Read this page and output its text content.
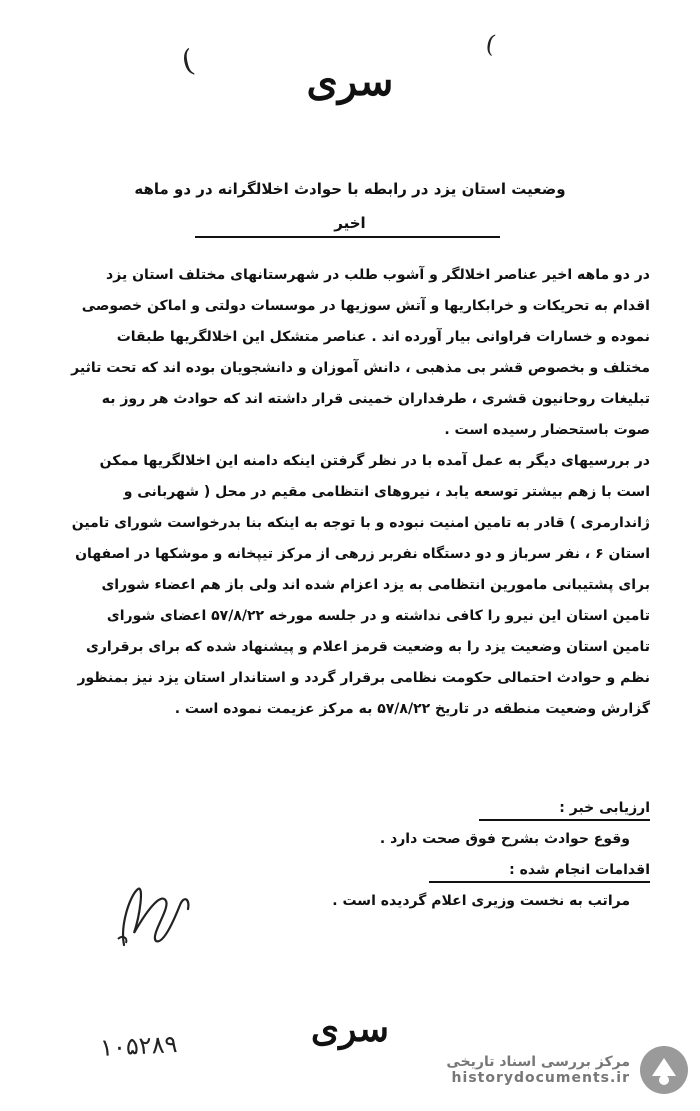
(	(
سری
وضعیت استان یزد در رابطه با حوادث اخلالگرانه در دو ماهه
اخیر

در دو ماهه اخیر عناصر اخلالگر و آشوب طلب در شهرستانهای مختلف استان یزد اقدام به تحریکات و خرابکاریها و آتش سوزیها در موسسات دولتی و اماکن خصوصی نموده و خسارات فراوانی بیار آورده اند . عناصر متشکل این اخلالگریها طبقات مختلف و بخصوص قشر بی مذهبی ، دانش آموزان و دانشجویان بوده اند که تحت تاثیر تبلیغات روحانیون قشری ، طرفداران خمینی قرار داشته اند که حوادث هر روز به صوت باستحضار رسیده است .

در بررسیهای دیگر به عمل آمده با در نظر گرفتن اینکه دامنه این اخلالگریها ممکن است با زهم بیشتر توسعه یابد ، نیروهای انتظامی مقیم در محل ( شهربانی و ژاندارمری ) قادر به تامین امنیت نبوده و با توجه به اینکه بنا بدرخواست شورای تامین استان ۶ ، نفر سرباز و دو دستگاه نفربر زرهی از مرکز تیپخانه و موشکها در اصفهان برای پشتیبانی مامورین انتظامی به یزد اعزام شده اند ولی باز هم اعضاء شورای تامین استان این نیرو را کافی نداشته و در جلسه مورخه ۵۷/۸/۲۲ اعضای شورای تامین استان وضعیت یزد را به وضعیت قرمز اعلام و پیشنهاد شده که برای برقراری نظم و حوادث احتمالی حکومت نظامی برقرار گردد و استاندار استان یزد نیز بمنظور گزارش وضعیت منطقه در تاریخ ۵۷/۸/۲۲ به مرکز عزیمت نموده است .

ارزیابی خبر :
وقوع حوادث بشرح فوق صحت دارد .
اقدامات انجام شده :
مراتب به نخست وزیری اعلام گردیده است .
سری
۱۰۵۲۸۹	مرکز بررسی اسناد تاریخی
historydocuments.ir
